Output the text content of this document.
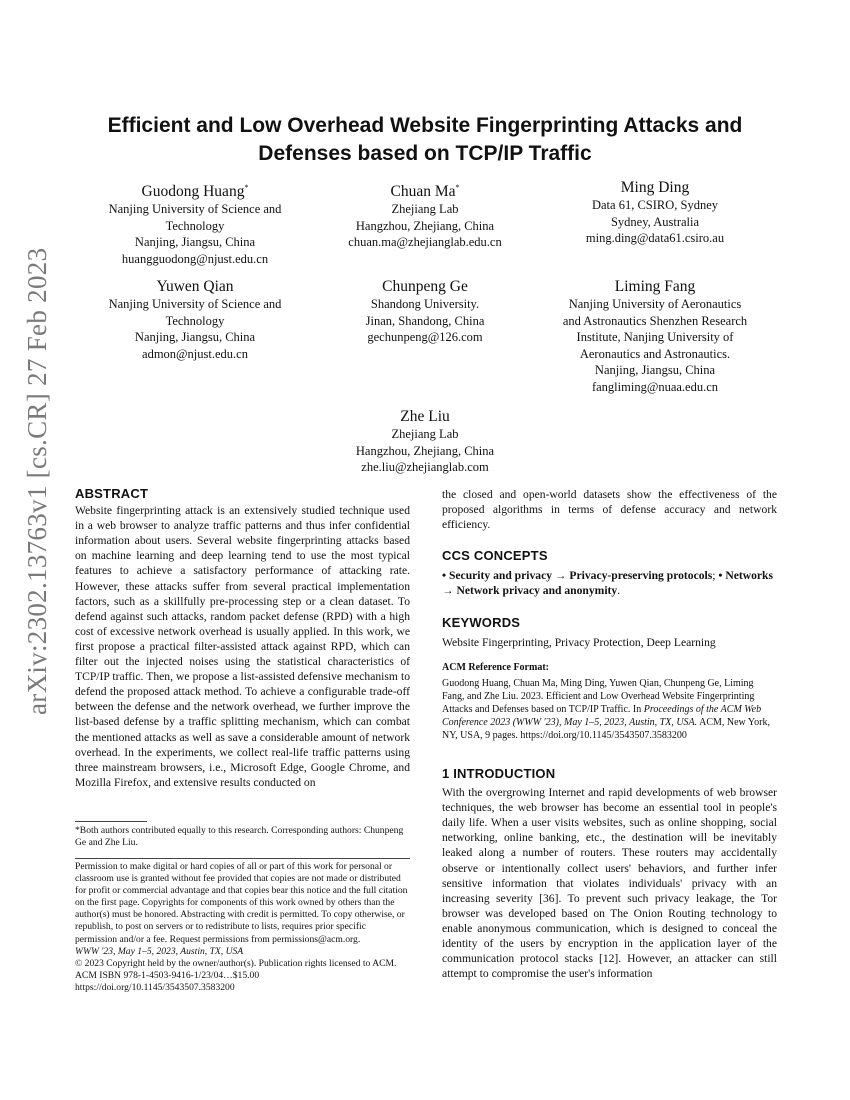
arXiv:2302.13763v1 [cs.CR] 27 Feb 2023
Efficient and Low Overhead Website Fingerprinting Attacks and
Defenses based on TCP/IP Traffic
Guodong Huang*
Nanjing University of Science and
Technology
Nanjing, Jiangsu, China
huangguodong@njust.edu.cn
Chuan Ma*
Zhejiang Lab
Hangzhou, Zhejiang, China
chuan.ma@zhejianglab.edu.cn
Ming Ding
Data 61, CSIRO, Sydney
Sydney, Australia
ming.ding@data61.csiro.au
Yuwen Qian
Nanjing University of Science and
Technology
Nanjing, Jiangsu, China
admon@njust.edu.cn
Chunpeng Ge
Shandong University.
Jinan, Shandong, China
gechunpeng@126.com
Liming Fang
Nanjing University of Aeronautics
and Astronautics Shenzhen Research
Institute, Nanjing University of
Aeronautics and Astronautics.
Nanjing, Jiangsu, China
fangliming@nuaa.edu.cn
Zhe Liu
Zhejiang Lab
Hangzhou, Zhejiang, China
zhe.liu@zhejianglab.com
ABSTRACT

Website fingerprinting attack is an extensively studied technique used in a web browser to analyze traffic patterns and thus infer confidential information about users. Several website fingerprinting attacks based on machine learning and deep learning tend to use the most typical features to achieve a satisfactory performance of attacking rate. However, these attacks suffer from several practical implementation factors, such as a skillfully pre-processing step or a clean dataset. To defend against such attacks, random packet defense (RPD) with a high cost of excessive network overhead is usually applied. In this work, we first propose a practical filter-assisted attack against RPD, which can filter out the injected noises using the statistical characteristics of TCP/IP traffic. Then, we propose a list-assisted defensive mechanism to defend the proposed attack method. To achieve a configurable trade-off between the defense and the network overhead, we further improve the list-based defense by a traffic splitting mechanism, which can combat the mentioned attacks as well as save a considerable amount of network overhead. In the experiments, we collect real-life traffic patterns using three mainstream browsers, i.e., Microsoft Edge, Google Chrome, and Mozilla Firefox, and extensive results conducted on

*Both authors contributed equally to this research. Corresponding authors: Chunpeng Ge and Zhe Liu.
Permission to make digital or hard copies of all or part of this work for personal or classroom use is granted without fee provided that copies are not made or distributed for profit or commercial advantage and that copies bear this notice and the full citation on the first page. Copyrights for components of this work owned by others than the author(s) must be honored. Abstracting with credit is permitted. To copy otherwise, or republish, to post on servers or to redistribute to lists, requires prior specific permission and/or a fee. Request permissions from permissions@acm.org.
WWW '23, May 1–5, 2023, Austin, TX, USA
© 2023 Copyright held by the owner/author(s). Publication rights licensed to ACM.
ACM ISBN 978-1-4503-9416-1/23/04…$15.00
https://doi.org/10.1145/3543507.3583200

the closed and open-world datasets show the effectiveness of the proposed algorithms in terms of defense accuracy and network efficiency.

CCS CONCEPTS

• Security and privacy → Privacy-preserving protocols; • Networks → Network privacy and anonymity.

KEYWORDS

Website Fingerprinting, Privacy Protection, Deep Learning

ACM Reference Format:

Guodong Huang, Chuan Ma, Ming Ding, Yuwen Qian, Chunpeng Ge, Liming Fang, and Zhe Liu. 2023. Efficient and Low Overhead Website Fingerprinting Attacks and Defenses based on TCP/IP Traffic. In Proceedings of the ACM Web Conference 2023 (WWW '23), May 1–5, 2023, Austin, TX, USA. ACM, New York, NY, USA, 9 pages. https://doi.org/10.1145/3543507.3583200

1 INTRODUCTION

With the overgrowing Internet and rapid developments of web browser techniques, the web browser has become an essential tool in people's daily life. When a user visits websites, such as online shopping, social networking, online banking, etc., the destination will be inevitably leaked along a number of routers. These routers may accidentally observe or intentionally collect users' behaviors, and further infer sensitive information that violates individuals' privacy with an increasing severity [36]. To prevent such privacy leakage, the Tor browser was developed based on The Onion Routing technology to enable anonymous communication, which is designed to conceal the identity of the users by encryption in the application layer of the communication protocol stacks [12]. However, an attacker can still attempt to compromise the user's information
